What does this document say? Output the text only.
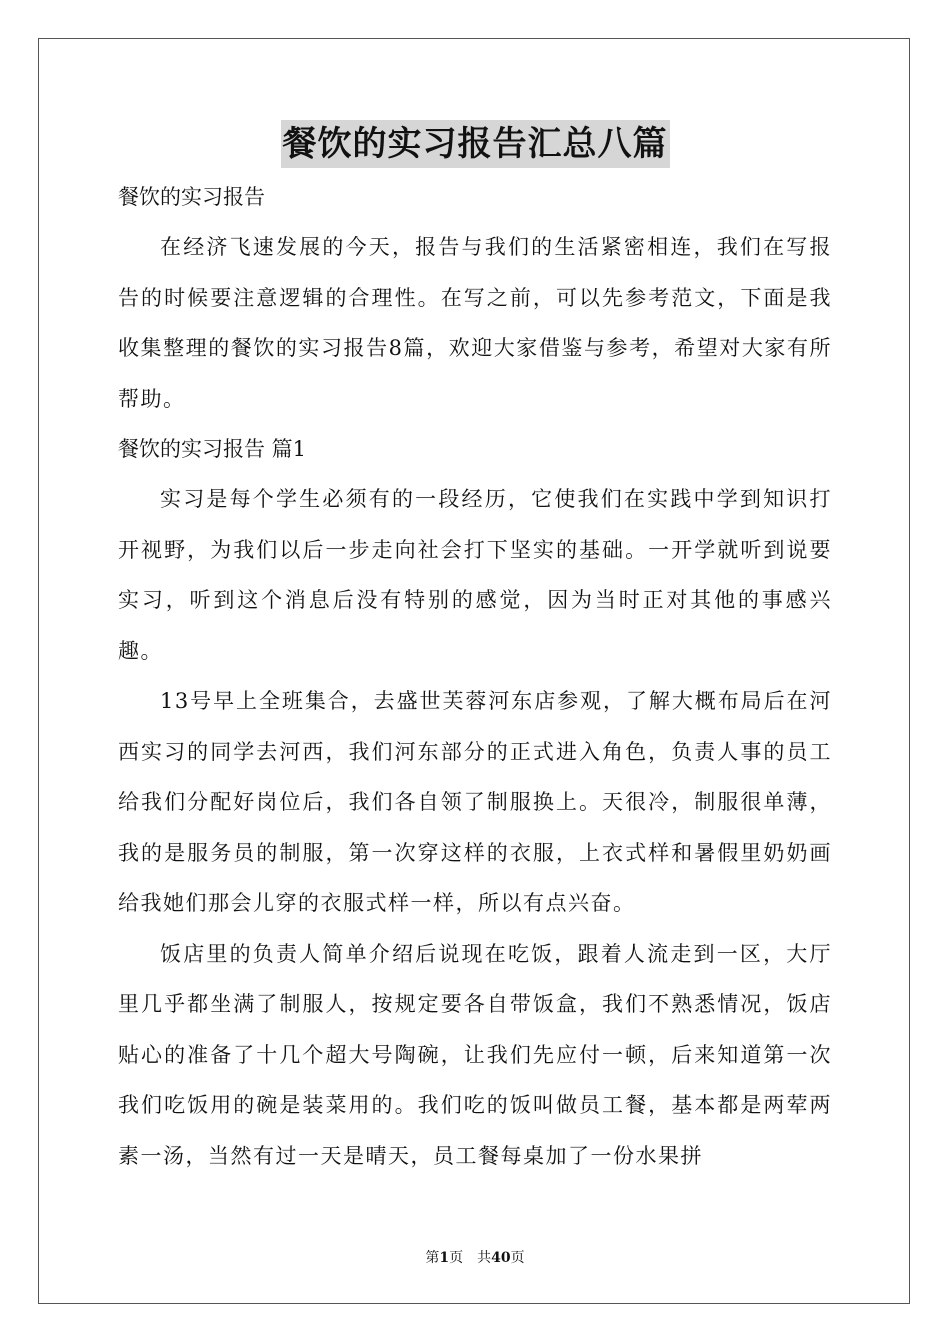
餐饮的实习报告汇总八篇

餐饮的实习报告

在经济飞速发展的今天，报告与我们的生活紧密相连，我们在写报告的时候要注意逻辑的合理性。在写之前，可以先参考范文，下面是我收集整理的餐饮的实习报告8篇，欢迎大家借鉴与参考，希望对大家有所帮助。

餐饮的实习报告 篇1

实习是每个学生必须有的一段经历，它使我们在实践中学到知识打开视野，为我们以后一步走向社会打下坚实的基础。一开学就听到说要实习，听到这个消息后没有特别的感觉，因为当时正对其他的事感兴趣。

13号早上全班集合，去盛世芙蓉河东店参观，了解大概布局后在河西实习的同学去河西，我们河东部分的正式进入角色，负责人事的员工给我们分配好岗位后，我们各自领了制服换上。天很冷，制服很单薄，我的是服务员的制服，第一次穿这样的衣服，上衣式样和暑假里奶奶画给我她们那会儿穿的衣服式样一样，所以有点兴奋。

饭店里的负责人简单介绍后说现在吃饭，跟着人流走到一区，大厅里几乎都坐满了制服人，按规定要各自带饭盒，我们不熟悉情况，饭店贴心的准备了十几个超大号陶碗，让我们先应付一顿，后来知道第一次我们吃饭用的碗是装菜用的。我们吃的饭叫做员工餐，基本都是两荤两素一汤，当然有过一天是晴天，员工餐每桌加了一份水果拼

第1页　共40页
